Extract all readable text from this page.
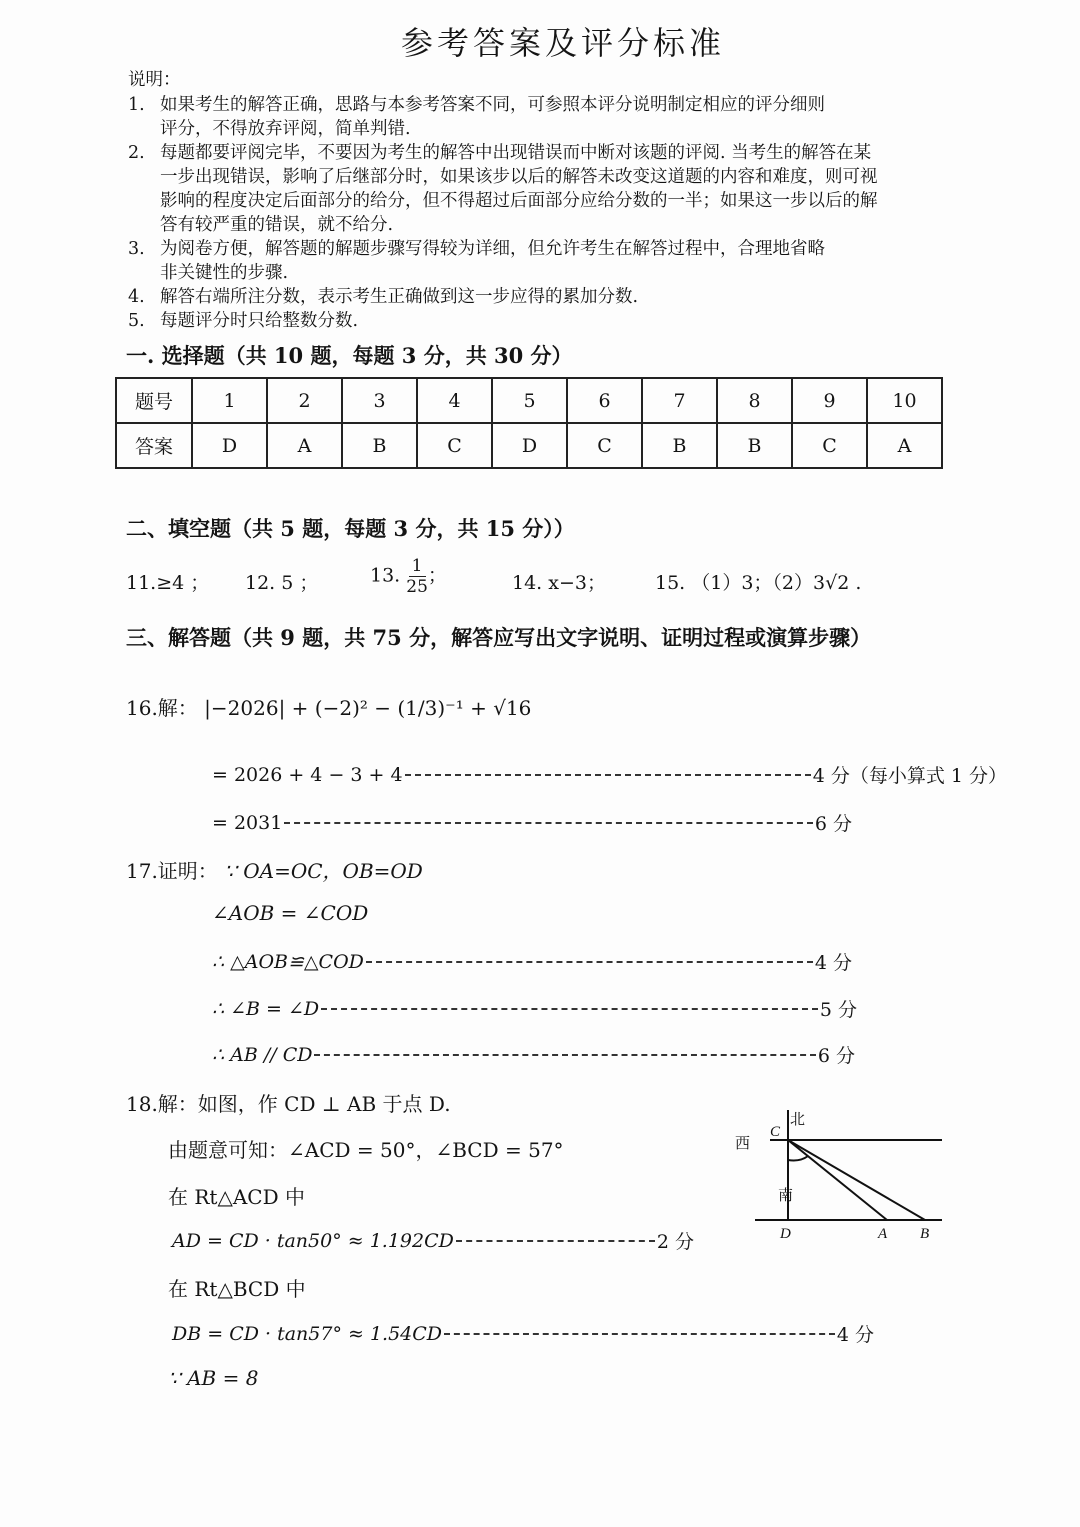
参考答案及评分标准
说明：
1. 如果考生的解答正确，思路与本参考答案不同，可参照本评分说明制定相应的评分细则
评分，不得放弃评阅，简单判错.
2. 每题都要评阅完毕，不要因为考生的解答中出现错误而中断对该题的评阅. 当考生的解答在某
一步出现错误，影响了后继部分时，如果该步以后的解答未改变这道题的内容和难度，则可视
影响的程度决定后面部分的给分，但不得超过后面部分应给分数的一半；如果这一步以后的解
答有较严重的错误，就不给分.
3. 为阅卷方便，解答题的解题步骤写得较为详细，但允许考生在解答过程中，合理地省略
非关键性的步骤.
4. 解答右端所注分数，表示考生正确做到这一步应得的累加分数.
5. 每题评分时只给整数分数.
一. 选择题（共 10 题，每题 3 分，共 30 分）
题号	1	2	3	4	5	6	7	8	9	10
答案	D	A	B	C	D	C	B	B	C	A
二、填空题（共 5 题，每题 3 分，共 15 分））
11.≥4 ； 12. 5 ；	13. $\frac{1}{25}$ ；	14. x−3；	15. （1）3；（2）3√2 .
三、解答题（共 9 题，共 75 分，解答应写出文字说明、证明过程或演算步骤）
16.解： |−2026| + (−2)² − (1/3)⁻¹ + √16
= 2026 + 4 − 3 + 4	4 分（每小算式 1 分）
= 2031	6 分
17.证明： ∵ OA=OC，OB=OD
∠AOB = ∠COD
∴ △AOB≌△COD	4 分
∴ ∠B = ∠D	5 分
∴ AB // CD	6 分
18.解：如图，作 CD ⊥ AB 于点 D.
由题意可知：∠ACD = 50°，∠BCD = 57°
在 Rt△ACD 中
AD = CD · tan50° ≈ 1.192CD	2 分
在 Rt△BCD 中
DB = CD · tan57° ≈ 1.54CD	4 分
∵ AB = 8
北
西
南
C
D	A B
